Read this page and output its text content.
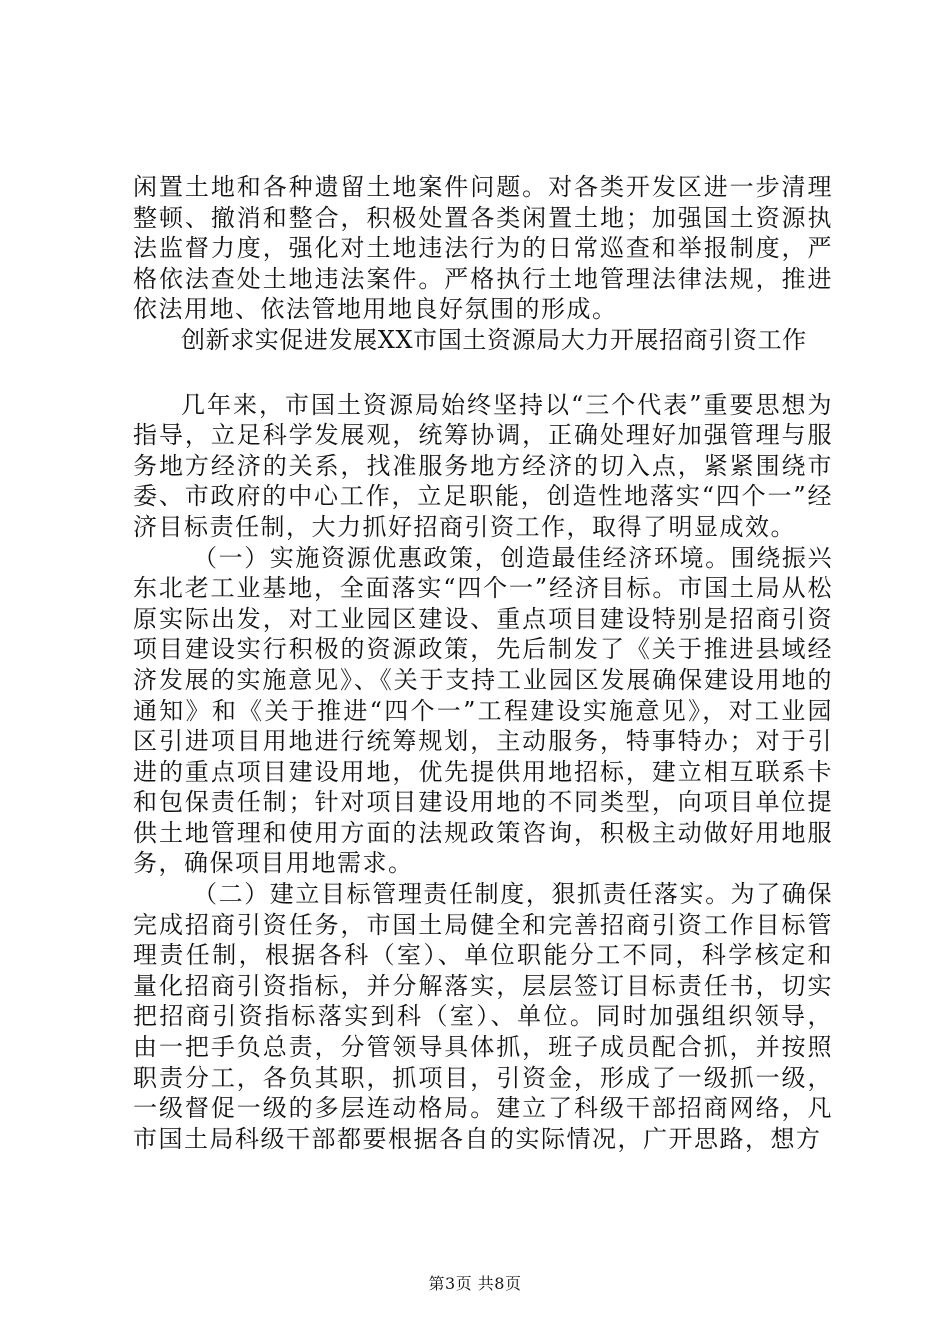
闲置土地和各种遗留土地案件问题。对各类开发区进一步清理整顿、撤消和整合，积极处置各类闲置土地；加强国土资源执法监督力度，强化对土地违法行为的日常巡查和举报制度，严格依法查处土地违法案件。严格执行土地管理法律法规，推进依法用地、依法管地用地良好氛围的形成。

创新求实促进发展XX市国土资源局大力开展招商引资工作

几年来，市国土资源局始终坚持以“三个代表”重要思想为指导，立足科学发展观，统筹协调，正确处理好加强管理与服务地方经济的关系，找准服务地方经济的切入点，紧紧围绕市委、市政府的中心工作，立足职能，创造性地落实“四个一”经济目标责任制，大力抓好招商引资工作，取得了明显成效。

（一）实施资源优惠政策，创造最佳经济环境。围绕振兴东北老工业基地，全面落实“四个一”经济目标。市国土局从松原实际出发，对工业园区建设、重点项目建设特别是招商引资项目建设实行积极的资源政策，先后制发了《关于推进县域经济发展的实施意见》、《关于支持工业园区发展确保建设用地的通知》和《关于推进“四个一”工程建设实施意见》，对工业园区引进项目用地进行统筹规划，主动服务，特事特办；对于引进的重点项目建设用地，优先提供用地招标，建立相互联系卡和包保责任制；针对项目建设用地的不同类型，向项目单位提供土地管理和使用方面的法规政策咨询，积极主动做好用地服务，确保项目用地需求。

（二）建立目标管理责任制度，狠抓责任落实。为了确保完成招商引资任务，市国土局健全和完善招商引资工作目标管理责任制，根据各科（室）、单位职能分工不同，科学核定和量化招商引资指标，并分解落实，层层签订目标责任书，切实把招商引资指标落实到科（室）、单位。同时加强组织领导，由一把手负总责，分管领导具体抓，班子成员配合抓，并按照职责分工，各负其职，抓项目，引资金，形成了一级抓一级，一级督促一级的多层连动格局。建立了科级干部招商网络，凡市国土局科级干部都要根据各自的实际情况，广开思路，想方

第3页 共8页
